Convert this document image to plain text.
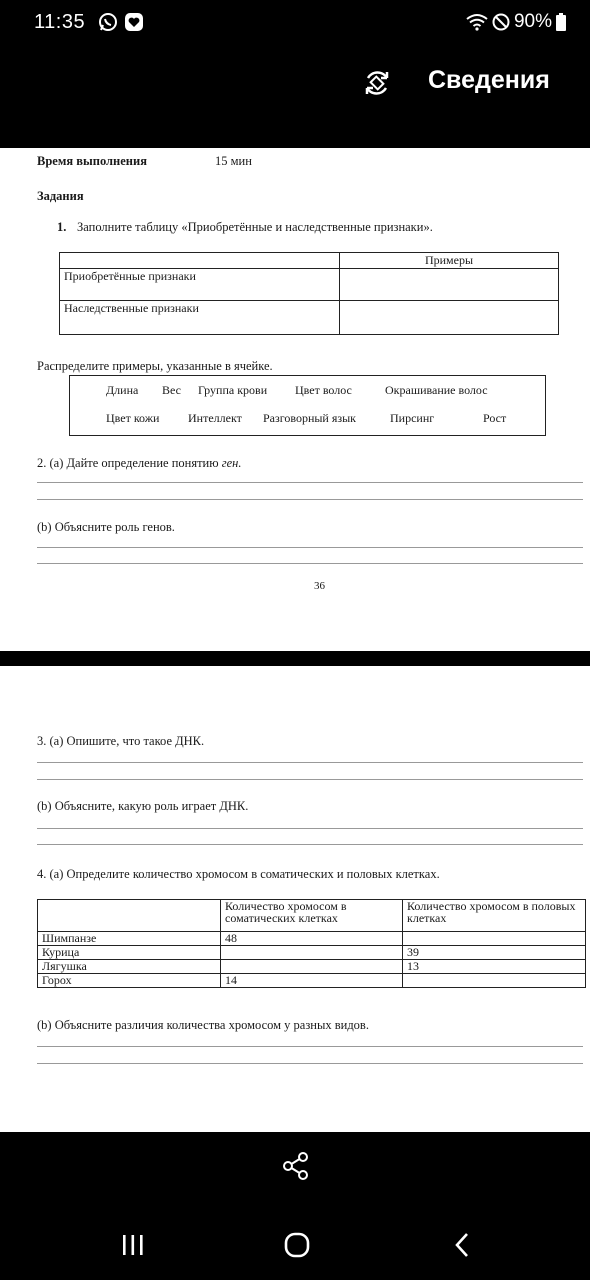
11:35	90%
Сведения
Время выполнения	15 мин
Задания
1. Заполните таблицу «Приобретённые и наследственные признаки».
	Примеры
Приобретённые признаки	
Наследственные признаки	
Распределите примеры, указанные в ячейке.
Длина Вес Группа крови Цвет волос	Окрашивание волос
Цвет кожи Интеллект Разговорный язык	Пирсинг	Рост
2. (а) Дайте определение понятию ген.
(b) Объясните роль генов.
36
3. (а) Опишите, что такое ДНК.
(b) Объясните, какую роль играет ДНК.
4. (а) Определите количество хромосом в соматических и половых клетках.
	Количество хромосом в соматических клетках	Количество хромосом в половых клетках
Шимпанзе	48	
Курица		39
Лягушка		13
Горох	14	
(b) Объясните различия количества хромосом у разных видов.
